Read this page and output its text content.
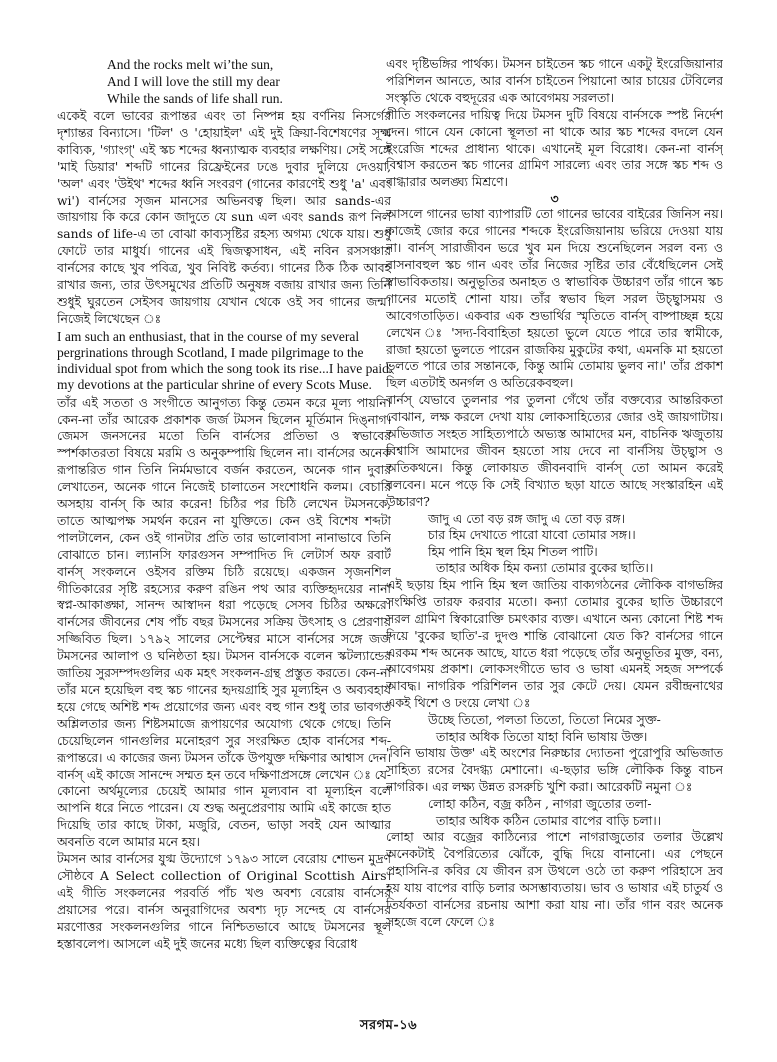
And the rocks melt wi’the sun,
And I will love the still my dear
While the sands of life shall run.

একেই বলে ভাবের রূপান্তর এবং তা নিষ্পন্ন হয় বর্ণনিয় নিসর্গের দৃশ্যান্তর বিন্যাসে। 'টিল' ও 'হোয়াইল' এই দুই ক্রিয়া-বিশেষণের সূক্ষ্ম কাব্যিক, 'গ্যাংগ্' এই স্কচ শব্দের ধ্বন্যাত্মক ব্যবহার লক্ষণিয়। সেই সঙ্গে 'মাই ডিয়ার' শব্দটি গানের রিফ্রেইনের ঢঙে দুবার দুলিয়ে দেওয়া, 'অল' এবং 'উইথ' শব্দের ধ্বনি সংবরণ (গানের কারণেই শুধু 'a' এবং wi') বার্নসের সৃজন মানসের অভিনবত্ব ছিল। আর sands-এর জায়গায় কি করে কোন জাদুতে যে sun এল এবং sands রূপ নিল sands of life-এ তা বোঝা কাব্যসৃষ্টির রহস্য অগম্য থেকে যায়। শুধু ফোটে তার মাধুর্য। গানের এই দ্বিজত্বসাধন, এই নবিন রসসঞ্চার বার্নসের কাছে খুব পবিত্র, খুব নিবিষ্ট কর্তব্য। গানের ঠিক ঠিক আবহ রাখার জন্য, তার উৎসমুখের প্রতিটি অনুষঙ্গ বজায় রাখার জন্য তিনি শুধুই ঘুরতেন সেইসব জায়গায় যেখান থেকে ওই সব গানের জন্ম। নিজেই লিখেছেন ঃ

I am such an enthusiast, that in the course of my several pergrinations through Scotland, I made pilgrimage to the individual spot from which the song took its rise...I have paid my devotions at the particular shrine of every Scots Muse.

তাঁর এই সততা ও সংগীতে আনুগত্য কিন্তু তেমন করে মূল্য পায়নি। কেন-না তাঁর আরেক প্রকাশক জর্জ টমসন ছিলেন মূর্তিমান দিঙ্নাগ। জেমস জনসনের মতো তিনি বার্নসের প্রতিভা ও স্বভাবের স্পর্শকাতরতা বিষয়ে মরমি ও অনুকম্পায়ি ছিলেন না। বার্নসের অনেক রূপান্তরিত গান তিনি নির্মমভাবে বর্জন করতেন, অনেক গান দুবার লেখাতেন, অনেক গানে নিজেই চালাতেন সংশোধনি কলম। বেচারি অসহায় বার্নস্ কি আর করেন! চিঠির পর চিঠি লেখেন টমসনকে, তাতে আত্মপক্ষ সমর্থন করেন না যুক্তিতে। কেন ওই বিশেষ শব্দটা পালটালেন, কেন ওই গানটার প্রতি তার ভালোবাসা নানাভাবে তিনি বোঝাতে চান। ল্যানসি ফারগুসন সম্পাদিত দি লেটার্স অফ রবার্ট বার্নস্ সংকলনে ওইসব রক্তিম চিঠি রয়েছে। একজন সৃজনশিল গীতিকারের সৃষ্টি রহস্যের করুণ রঙিন পথ আর ব্যক্তিহৃদয়ের নানা স্বপ্ন-আকাঙ্ক্ষা, সানন্দ আস্বাদন ধরা পড়েছে সেসব চিঠির অক্ষরে। বার্নসের জীবনের শেষ পাঁচ বছর টমসনের সক্রিয় উৎসাহ ও প্রেরণায় সজ্জিবিত ছিল। ১৭৯২ সালের সেপ্টেম্বর মাসে বার্নসের সঙ্গে জর্জ টমসনের আলাপ ও ঘনিষ্ঠতা হয়। টমসন বার্নসকে বলেন স্কটল্যান্ডের জাতিয় সুরসম্পদগুলির এক মহৎ সংকলন-গ্রন্থ প্রস্তুত করতে। কেন-না তাঁর মনে হয়েছিল বহু স্কচ গানের হৃদয়গ্রাহি সুর মূল্যহিন ও অব্যবহার্য হয়ে গেছে অশিষ্ট শব্দ প্রয়োগের জন্য এবং বহু গান শুধু তার ভাবগত অশ্লিলতার জন্য শিষ্টসমাজে রূপায়ণের অযোগ্য থেকে গেছে। তিনি চেয়েছিলেন গানগুলির মনোহরণ সুর সংরক্ষিত হোক বার্নসের শব্দ-রূপান্তরে। এ কাজের জন্য টমসন তাঁকে উপযুক্ত দক্ষিণার আশ্বাস দেন। বার্নস্ এই কাজে সানন্দে সম্মত হন তবে দক্ষিণাপ্রসঙ্গে লেখেন ঃ যে-কোনো অর্থমূল্যের চেয়েই আমার গান মূল্যবান বা মূল্যহিন বলে আপনি ধরে নিতে পারেন। যে শুদ্ধ অনুপ্রেরণায় আমি এই কাজে হাত দিয়েছি তার কাছে টাকা, মজুরি, বেতন, ভাড়া সবই যেন আত্মার অবনতি বলে আমার মনে হয়।

টমসন আর বার্নসের যুগ্ম উদ্যোগে ১৭৯৩ সালে বেরোয় শোভন মুদ্রণ সৌষ্ঠবে A Select collection of Original Scottish Airs। এই গীতি সংকলনের পরবর্তি পাঁচ খণ্ড অবশ্য বেরোয় বার্নসের প্রয়াসের পরে। বার্নস অনুরাগিদের অবশ্য দৃঢ় সন্দেহ যে বার্নসের মরণোত্তর সংকলনগুলির গানে নিশ্চিতভাবে আছে টমসনের স্থূল হস্তাবলেপ। আসলে এই দুই জনের মধ্যে ছিল ব্যক্তিত্বের বিরোধ

এবং দৃষ্টিভঙ্গির পার্থক্য। টমসন চাইতেন স্কচ গানে একটু ইংরেজিয়ানার পরিশিলন আনতে, আর বার্নস চাইতেন পিয়ানো আর চায়ের টেবিলের সংস্কৃতি থেকে বহুদূরের এক আবেগময় সরলতা।

গীতি সংকলনের দায়িত্ব দিয়ে টমসন দুটি বিষয়ে বার্নসকে স্পষ্ট নির্দেশ দেন। গানে যেন কোনো স্থূলতা না থাকে আর স্কচ শব্দের বদলে যেন ইংরেজি শব্দের প্রাধান্য থাকে। এখানেই মূল বিরোধ। কেন-না বার্নস্ বিশ্বাস করতেন স্কচ গানের গ্রামিণ সারল্যে এবং তার সঙ্গে স্কচ শব্দ ও বাগ্ধারার অলঙ্ঘ্য মিশ্রণে।

৩

আসলে গানের ভাষা ব্যাপারটি তো গানের ভাবের বাইরের জিনিস নয়। কাজেই জোর করে গানের শব্দকে ইংরেজিয়ানায় ভরিয়ে দেওয়া যায় না। বার্নস্ সারাজীবন ভরে খুব মন দিয়ে শুনেছিলেন সরল বন্য ও বাসনাবহুল স্কচ গান এবং তাঁর নিজের সৃষ্টির তার বেঁধেছিলেন সেই স্বাভাবিকতায়। অনুভূতির অনাহত ও স্বাভাবিক উচ্চারণ তাঁর গানে স্কচ গানের মতোই শোনা যায়। তাঁর স্বভাব ছিল সরল উচ্ছ্বাসময় ও আবেগতাড়িত। একবার এক শুভার্থির স্মৃতিতে বার্নস্ বাষ্পাচ্ছন্ন হয়ে লেখেন ঃ 'সদ্য-বিবাহিতা হয়তো ভুলে যেতে পারে তার স্বামীকে, রাজা হয়তো ভুলতে পারেন রাজকিয় মুকুটের কথা, এমনকি মা হয়তো ভুলতে পারে তার সন্তানকে, কিন্তু আমি তোমায় ভুলব না।' তাঁর প্রকাশ ছিল এতটাই অনর্গল ও অতিরেকবহুল।

বার্নস্ যেভাবে তুলনার পর তুলনা গেঁথে তাঁর বক্তব্যের আন্তরিকতা বোঝান, লক্ষ করলে দেখা যায় লোকসাহিত্যের জোর ওই জায়গাটায়। অভিজাত সংহত সাহিত্যপাঠে অভ্যস্ত আমাদের মন, বাচনিক ঋজুতায় বিশ্বাসি আমাদের জীবন হয়তো সায় দেবে না বার্নসিয় উচ্ছ্বাস ও অতিকথনে। কিন্তু লোকায়ত জীবনবাদি বার্নস্ তো আমন করেই বলবেন। মনে পড়ে কি সেই বিখ্যাত ছড়া যাতে আছে সংস্কারহিন এই উচ্চারণ?

জাদু এ তো বড় রঙ্গ জাদু এ তো বড় রঙ্গ।
চার হিম দেখাতে পারো যাবো তোমার সঙ্গ।।
হিম পানি হিম স্থল হিম শিতল পাটি।
তাহার অধিক হিম কন্যা তোমার বুকের ছাতি।।

এই ছড়ায় হিম পানি হিম স্থল জাতিয় বাক্যগঠনের লৌকিক বাগভঙ্গির সংক্ষিপ্তি তারফ করবার মতো। কন্যা তোমার বুকের ছাতি উচ্চারণে সরল গ্রামিণ স্বিকারোক্তি চমৎকার ব্যক্ত। এখানে অন্য কোনো শিষ্ট শব্দ দিয়ে 'বুকের ছাতি'-র দুদণ্ড শান্তি বোঝানো যেত কি? বার্নসের গানে এরকম শব্দ অনেক আছে, যাতে ধরা পড়েছে তাঁর অনুভূতির মুক্ত, বন্য, আবেগময় প্রকাশ। লোকসংগীতে ভাব ও ভাষা এমনই সহজ সম্পর্কে আবদ্ধ। নাগরিক পরিশিলন তার সুর কেটে দেয়। যেমন রবীন্দ্রনাথের একই থিশে ও ঢংয়ে লেখা ঃ

উচ্ছে তিতো, পলতা তিতো, তিতো নিমের সুক্ত-
তাহার অধিক তিতো যাহা বিনি ভাষায় উক্ত।

'বিনি ভাষায় উক্ত' এই অংশের নিরুচ্চার দ্যোতনা পুরোপুরি অভিজাত সাহিত্য রসের বৈদগ্ধ্য মেশানো। এ-ছড়ার ভঙ্গি লৌকিক কিন্তু বাচন নাগরিক। এর লক্ষ্য উন্নত রসরুচি খুশি করা। আরেকটি নমুনা ঃ

লোহা কঠিন, বজ্র কঠিন , নাগরা জুতোর তলা-
তাহার অধিক কঠিন তোমার বাপের বাড়ি চলা।।

লোহা আর বজ্রের কাঠিন্যের পাশে নাগরাজুতোর তলার উল্লেখ অনেকটাই বৈপরিত্যের ঝোঁকে, বুদ্ধি দিয়ে বানানো। এর পেছনে প্রহাসিনি-র কবির যে জীবন রস উথলে ওঠে তা করুণ পরিহাসে দ্রব হয় যায় বাপের বাড়ি চলার অসম্ভাব্যতায়। ভাব ও ভাষার এই চাতুর্য ও তির্যকতা বার্নসের রচনায় আশা করা যায় না। তাঁর গান বরং অনেক সহজে বলে ফেলে ঃ

সরগম-১৬
